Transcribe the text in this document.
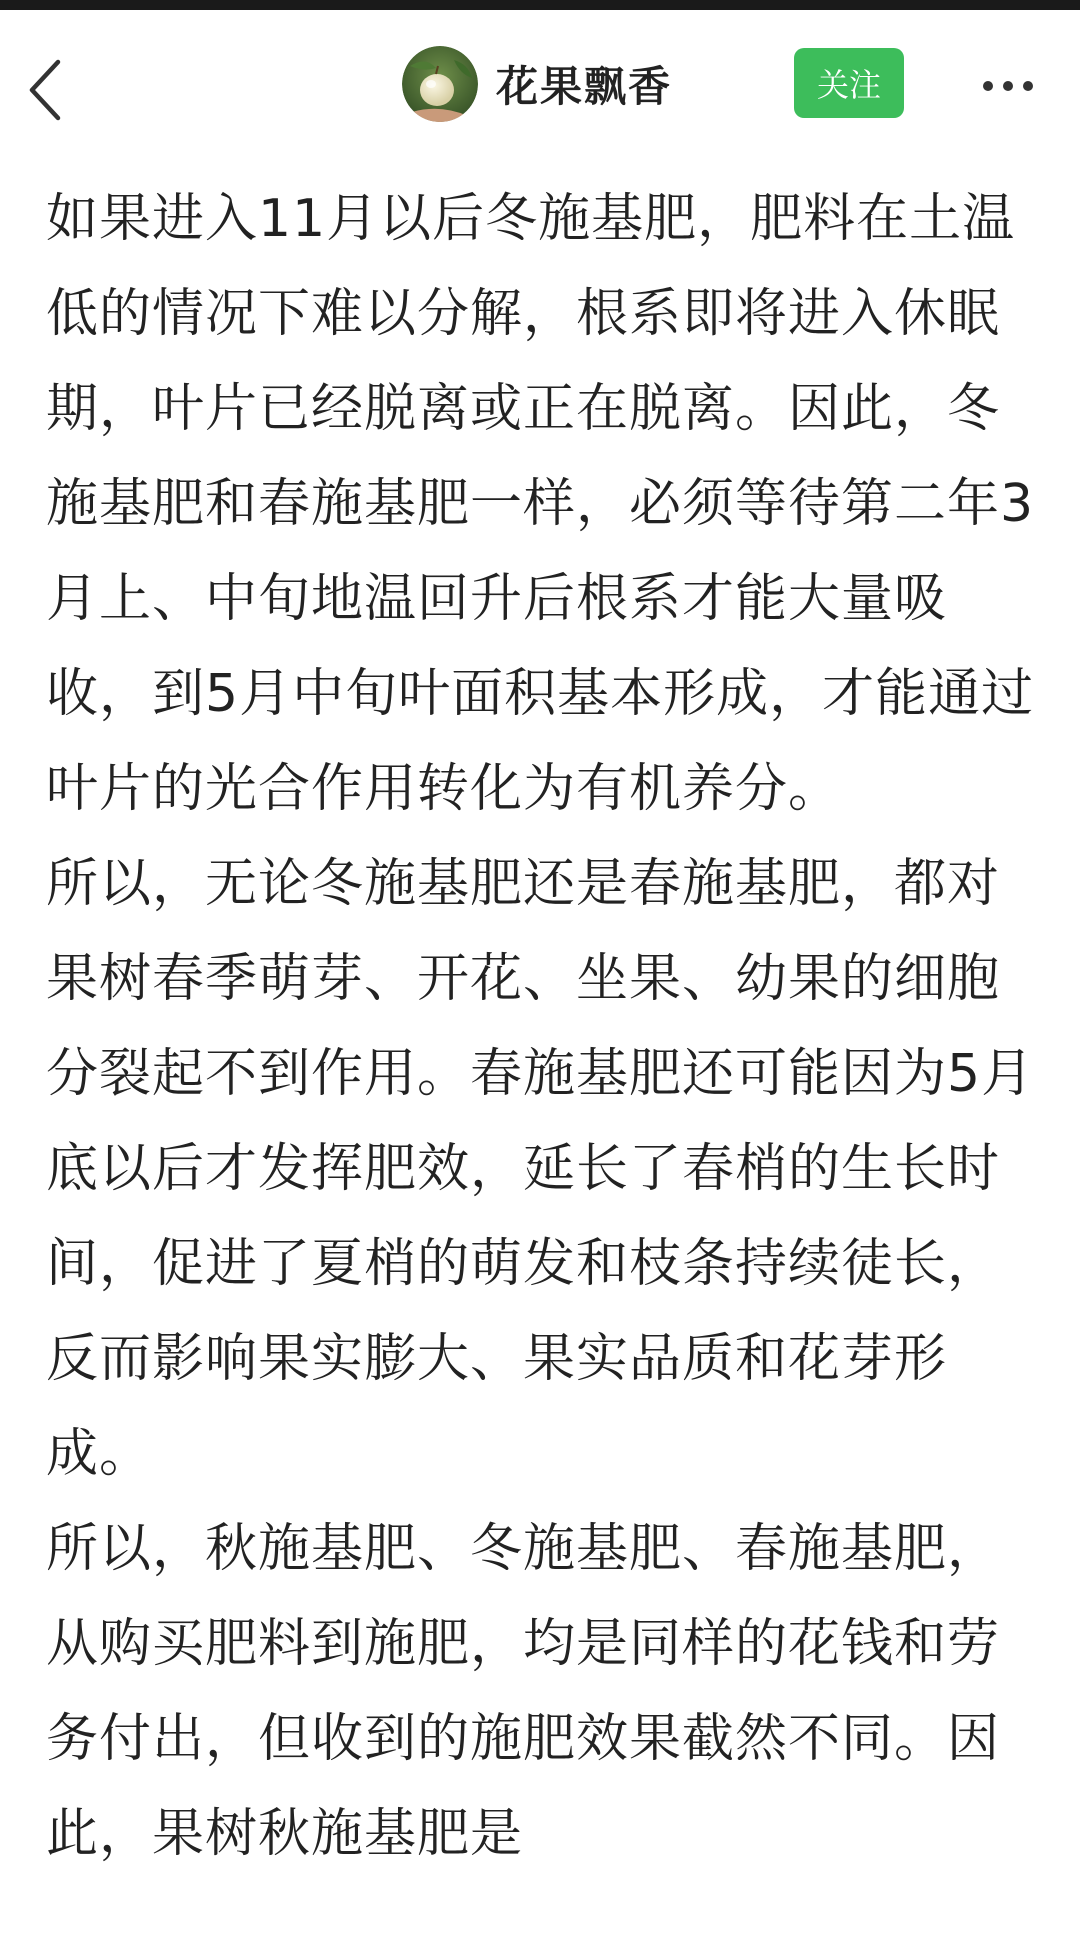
花果飘香	关注

如果进入11月以后冬施基肥，肥料在土温低的情况下难以分解，根系即将进入休眠期，叶片已经脱离或正在脱离。因此，冬施基肥和春施基肥一样，必须等待第二年3月上、中旬地温回升后根系才能大量吸收，到5月中旬叶面积基本形成，才能通过叶片的光合作用转化为有机养分。

所以，无论冬施基肥还是春施基肥，都对果树春季萌芽、开花、坐果、幼果的细胞分裂起不到作用。春施基肥还可能因为5月底以后才发挥肥效，延长了春梢的生长时间，促进了夏梢的萌发和枝条持续徒长，反而影响果实膨大、果实品质和花芽形成。

所以，秋施基肥、冬施基肥、春施基肥，从购买肥料到施肥，均是同样的花钱和劳务付出，但收到的施肥效果截然不同。因此，果树秋施基肥是
